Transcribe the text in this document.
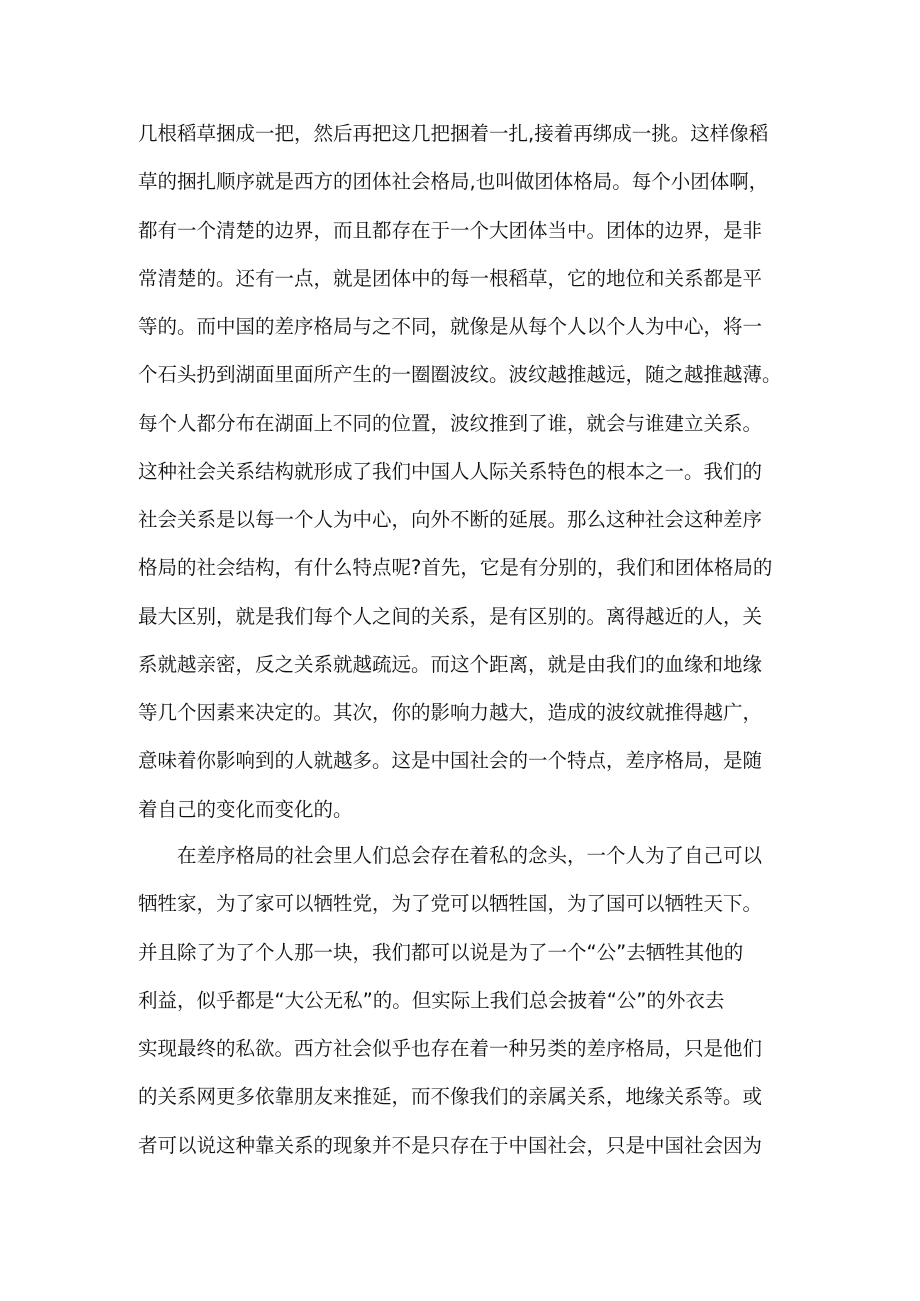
几根稻草捆成一把，然后再把这几把捆着一扎,接着再绑成一挑。这样像稻
草的捆扎顺序就是西方的团体社会格局,也叫做团体格局。每个小团体啊，
都有一个清楚的边界，而且都存在于一个大团体当中。团体的边界，是非
常清楚的。还有一点，就是团体中的每一根稻草，它的地位和关系都是平
等的。而中国的差序格局与之不同，就像是从每个人以个人为中心，将一
个石头扔到湖面里面所产生的一圈圈波纹。波纹越推越远，随之越推越薄。
每个人都分布在湖面上不同的位置，波纹推到了谁，就会与谁建立关系。
这种社会关系结构就形成了我们中国人人际关系特色的根本之一。我们的
社会关系是以每一个人为中心，向外不断的延展。那么这种社会这种差序
格局的社会结构，有什么特点呢?首先，它是有分别的，我们和团体格局的
最大区别，就是我们每个人之间的关系，是有区别的。离得越近的人，关
系就越亲密，反之关系就越疏远。而这个距离，就是由我们的血缘和地缘
等几个因素来决定的。其次，你的影响力越大，造成的波纹就推得越广，
意味着你影响到的人就越多。这是中国社会的一个特点，差序格局，是随
着自己的变化而变化的。
　　在差序格局的社会里人们总会存在着私的念头，一个人为了自己可以
牺牲家，为了家可以牺牲党，为了党可以牺牲国，为了国可以牺牲天下。
并且除了为了个人那一块，我们都可以说是为了一个“公”去牺牲其他的
利益，似乎都是“大公无私”的。但实际上我们总会披着“公”的外衣去
实现最终的私欲。西方社会似乎也存在着一种另类的差序格局，只是他们
的关系网更多依靠朋友来推延，而不像我们的亲属关系，地缘关系等。或
者可以说这种靠关系的现象并不是只存在于中国社会，只是中国社会因为
